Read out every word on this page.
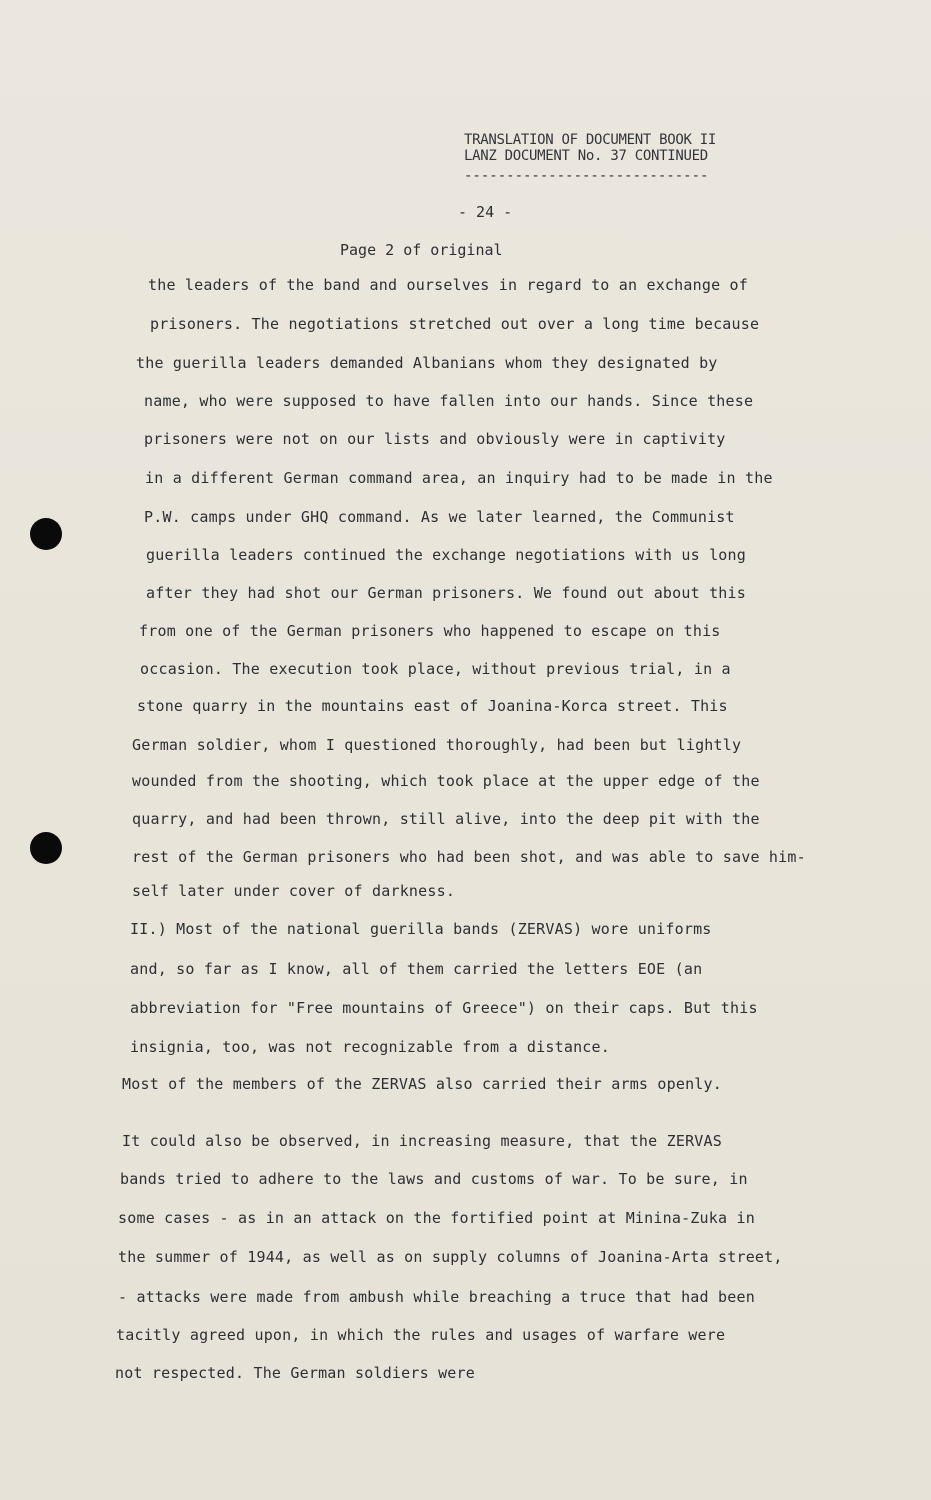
TRANSLATION OF DOCUMENT BOOK II
LANZ DOCUMENT No. 37 CONTINUED
-----------------------------
- 24 -
Page 2 of original
the leaders of the band and ourselves in regard to an exchange of
prisoners. The negotiations stretched out over a long time because
the guerilla leaders demanded Albanians whom they designated by
name, who were supposed to have fallen into our hands. Since these
prisoners were not on our lists and obviously were in captivity
in a different German command area, an inquiry had to be made in the
P.W. camps under GHQ command. As we later learned, the Communist
guerilla leaders continued the exchange negotiations with us long
after they had shot our German prisoners. We found out about this
from one of the German prisoners who happened to escape on this
occasion. The execution took place, without previous trial, in a
stone quarry in the mountains east of Joanina-Korca street. This
German soldier, whom I questioned thoroughly, had been but lightly
wounded from the shooting, which took place at the upper edge of the
quarry, and had been thrown, still alive, into the deep pit with the
rest of the German prisoners who had been shot, and was able to save him-
self later under cover of darkness.
II.) Most of the national guerilla bands (ZERVAS) wore uniforms
and, so far as I know, all of them carried the letters EOE (an
abbreviation for "Free mountains of Greece") on their caps. But this
insignia, too, was not recognizable from a distance.
Most of the members of the ZERVAS also carried their arms openly.
It could also be observed, in increasing measure, that the ZERVAS
bands tried to adhere to the laws and customs of war. To be sure, in
some cases - as in an attack on the fortified point at Minina-Zuka in
the summer of 1944, as well as on supply columns of Joanina-Arta street,
- attacks were made from ambush while breaching a truce that had been
tacitly agreed upon, in which the rules and usages of warfare were
not respected. The German soldiers were
